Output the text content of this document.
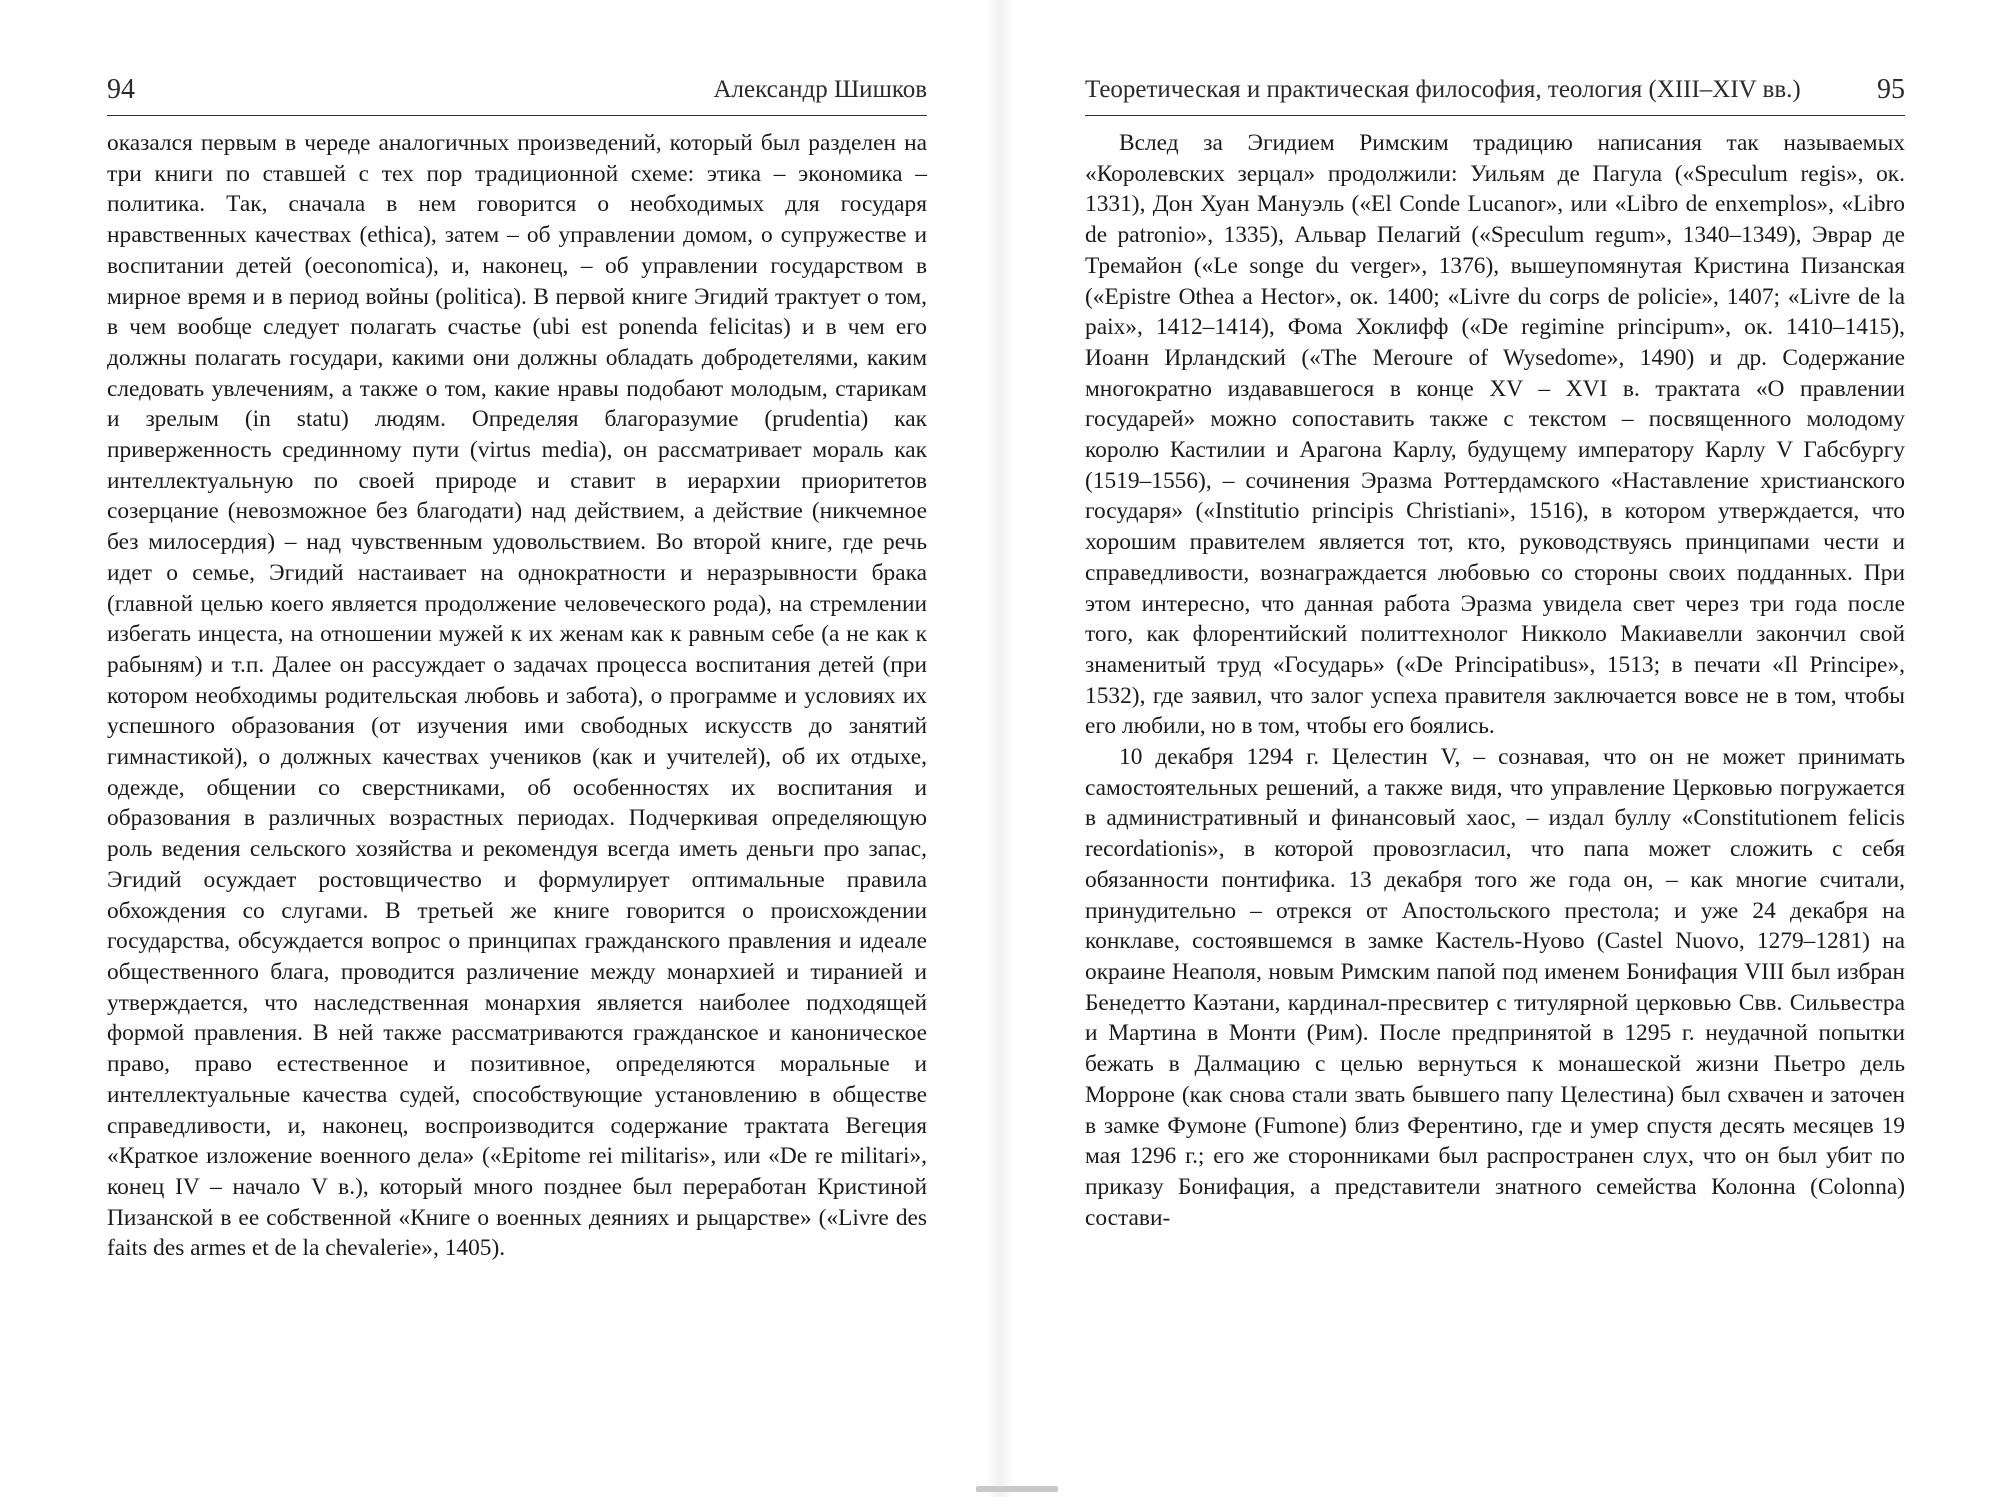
94	Александр Шишков

оказался первым в череде аналогичных произведений, который был разделен на три книги по ставшей с тех пор традиционной схеме: этика – экономика – политика. Так, сначала в нем говорится о необходимых для государя нравственных качествах (ethica), затем – об управлении домом, о супружестве и воспитании детей (oeconomica), и, наконец, – об управлении государством в мирное время и в период войны (politica). В первой книге Эгидий трактует о том, в чем вообще следует полагать счастье (ubi est ponenda felicitas) и в чем его должны полагать государи, какими они должны обладать добродетелями, каким следовать увлечениям, а также о том, какие нравы подобают молодым, старикам и зрелым (in statu) людям. Определяя благоразумие (prudentia) как приверженность срединному пути (virtus media), он рассматривает мораль как интеллектуальную по своей природе и ставит в иерархии приоритетов созерцание (невозможное без благодати) над действием, а действие (никчемное без милосердия) – над чувственным удовольствием. Во второй книге, где речь идет о семье, Эгидий настаивает на однократности и неразрывности брака (главной целью коего является продолжение человеческого рода), на стремлении избегать инцеста, на отношении мужей к их женам как к равным себе (а не как к рабыням) и т.п. Далее он рассуждает о задачах процесса воспитания детей (при котором необходимы родительская любовь и забота), о программе и условиях их успешного образования (от изучения ими свободных искусств до занятий гимнастикой), о должных качествах учеников (как и учителей), об их отдыхе, одежде, общении со сверстниками, об особенностях их воспитания и образования в различных возрастных периодах. Подчеркивая определяющую роль ведения сельского хозяйства и рекомендуя всегда иметь деньги про запас, Эгидий осуждает ростовщичество и формулирует оптимальные правила обхождения со слугами. В третьей же книге говорится о происхождении государства, обсуждается вопрос о принципах гражданского правления и идеале общественного блага, проводится различение между монархией и тиранией и утверждается, что наследственная монархия является наиболее подходящей формой правления. В ней также рассматриваются гражданское и каноническое право, право естественное и позитивное, определяются моральные и интеллектуальные качества судей, способствующие установлению в обществе справедливости, и, наконец, воспроизводится содержание трактата Вегеция «Краткое изложение военного дела» («Epitome rei militaris», или «De re militari», конец IV – начало V в.), который много позднее был переработан Кристиной Пизанской в ее собственной «Книге о военных деяниях и рыцарстве» («Livre des faits des armes et de la chevalerie», 1405).

Теоретическая и практическая философия, теология (XIII–XIV вв.)	95

Вслед за Эгидием Римским традицию написания так называемых «Королевских зерцал» продолжили: Уильям де Пагула («Speculum regis», ок. 1331), Дон Хуан Мануэль («El Conde Lucanor», или «Libro de enxemplos», «Libro de patronio», 1335), Альвар Пелагий («Speculum regum», 1340–1349), Эврар де Тремайон («Le songe du verger», 1376), вышеупомянутая Кристина Пизанская («Epistre Othea a Hector», ок. 1400; «Livre du corps de policie», 1407; «Livre de la paix», 1412–1414), Фома Хоклифф («De regimine principum», ок. 1410–1415), Иоанн Ирландский («The Meroure of Wysedome», 1490) и др. Содержание многократно издававшегося в конце XV – XVI в. трактата «О правлении государей» можно сопоставить также с текстом – посвященного молодому королю Кастилии и Арагона Карлу, будущему императору Карлу V Габсбургу (1519–1556), – сочинения Эразма Роттердамского «Наставление христианского государя» («Institutio principis Christiani», 1516), в котором утверждается, что хорошим правителем является тот, кто, руководствуясь принципами чести и справедливости, вознаграждается любовью со стороны своих подданных. При этом интересно, что данная работа Эразма увидела свет через три года после того, как флорентийский политтехнолог Никколо Макиавелли закончил свой знаменитый труд «Государь» («De Principatibus», 1513; в печати «Il Principe», 1532), где заявил, что залог успеха правителя заключается вовсе не в том, чтобы его любили, но в том, чтобы его боялись.

10 декабря 1294 г. Целестин V, – сознавая, что он не может принимать самостоятельных решений, а также видя, что управление Церковью погружается в административный и финансовый хаос, – издал буллу «Constitutionem felicis recordationis», в которой провозгласил, что папа может сложить с себя обязанности понтифика. 13 декабря того же года он, – как многие считали, принудительно – отрекся от Апостольского престола; и уже 24 декабря на конклаве, состоявшемся в замке Кастель-Нуово (Castel Nuovo, 1279–1281) на окраине Неаполя, новым Римским папой под именем Бонифация VIII был избран Бенедетто Каэтани, кардинал-пресвитер с титулярной церковью Свв. Сильвестра и Мартина в Монти (Рим). После предпринятой в 1295 г. неудачной попытки бежать в Далмацию с целью вернуться к монашеской жизни Пьетро дель Морроне (как снова стали звать бывшего папу Целестина) был схвачен и заточен в замке Фумоне (Fumone) близ Ферентино, где и умер спустя десять месяцев 19 мая 1296 г.; его же сторонниками был распространен слух, что он был убит по приказу Бонифация, а представители знатного семейства Колонна (Colonna) состави-
